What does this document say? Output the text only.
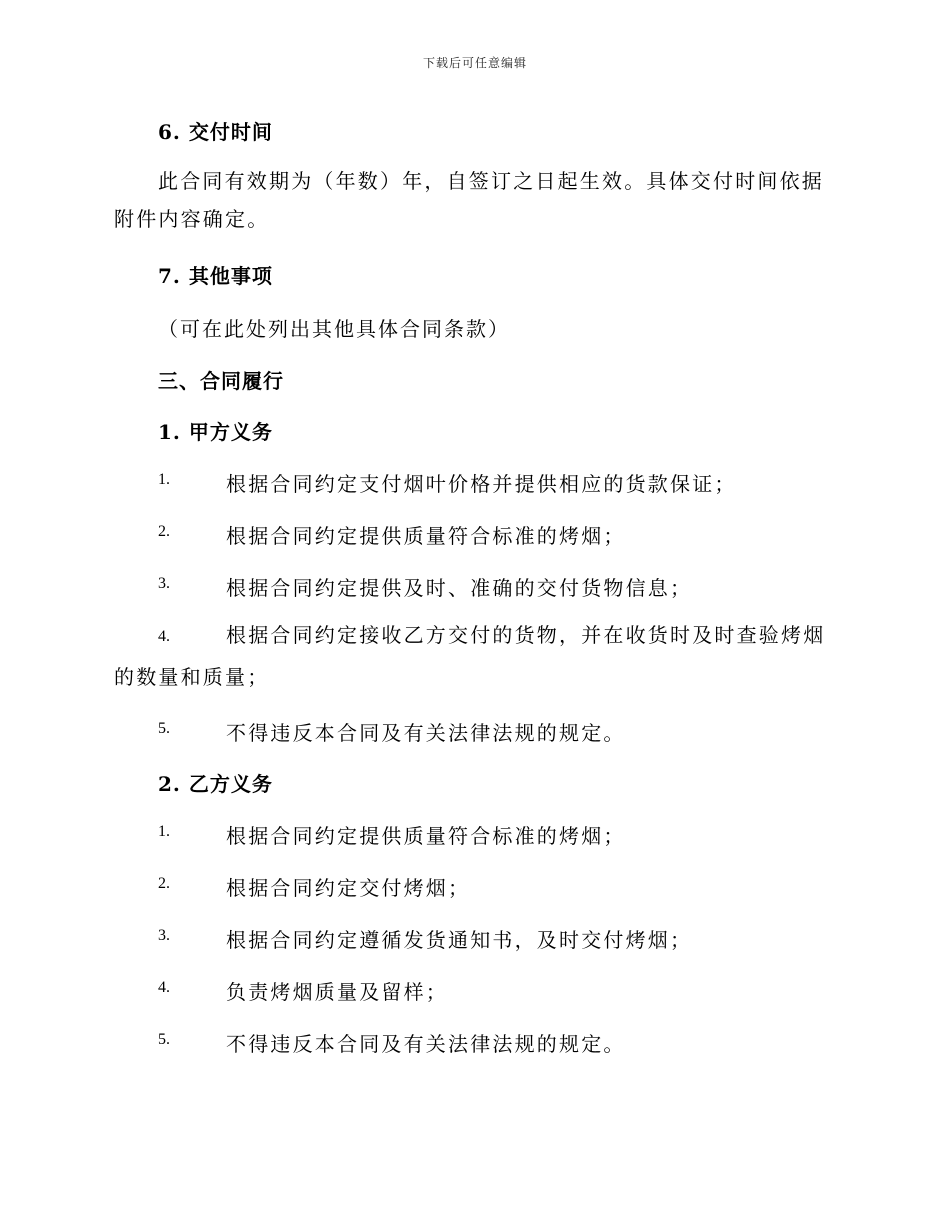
下载后可任意编辑
6. 交付时间
此合同有效期为（年数）年，自签订之日起生效。具体交付时间依据附件内容确定。
7. 其他事项
（可在此处列出其他具体合同条款）
三、合同履行
1. 甲方义务
1.	根据合同约定支付烟叶价格并提供相应的货款保证；
2.	根据合同约定提供质量符合标准的烤烟；
3.	根据合同约定提供及时、准确的交付货物信息；
4.	根据合同约定接收乙方交付的货物，并在收货时及时查验烤烟的数量和质量；
5.	不得违反本合同及有关法律法规的规定。
2. 乙方义务
1.	根据合同约定提供质量符合标准的烤烟；
2.	根据合同约定交付烤烟；
3.	根据合同约定遵循发货通知书，及时交付烤烟；
4.	负责烤烟质量及留样；
5.	不得违反本合同及有关法律法规的规定。
